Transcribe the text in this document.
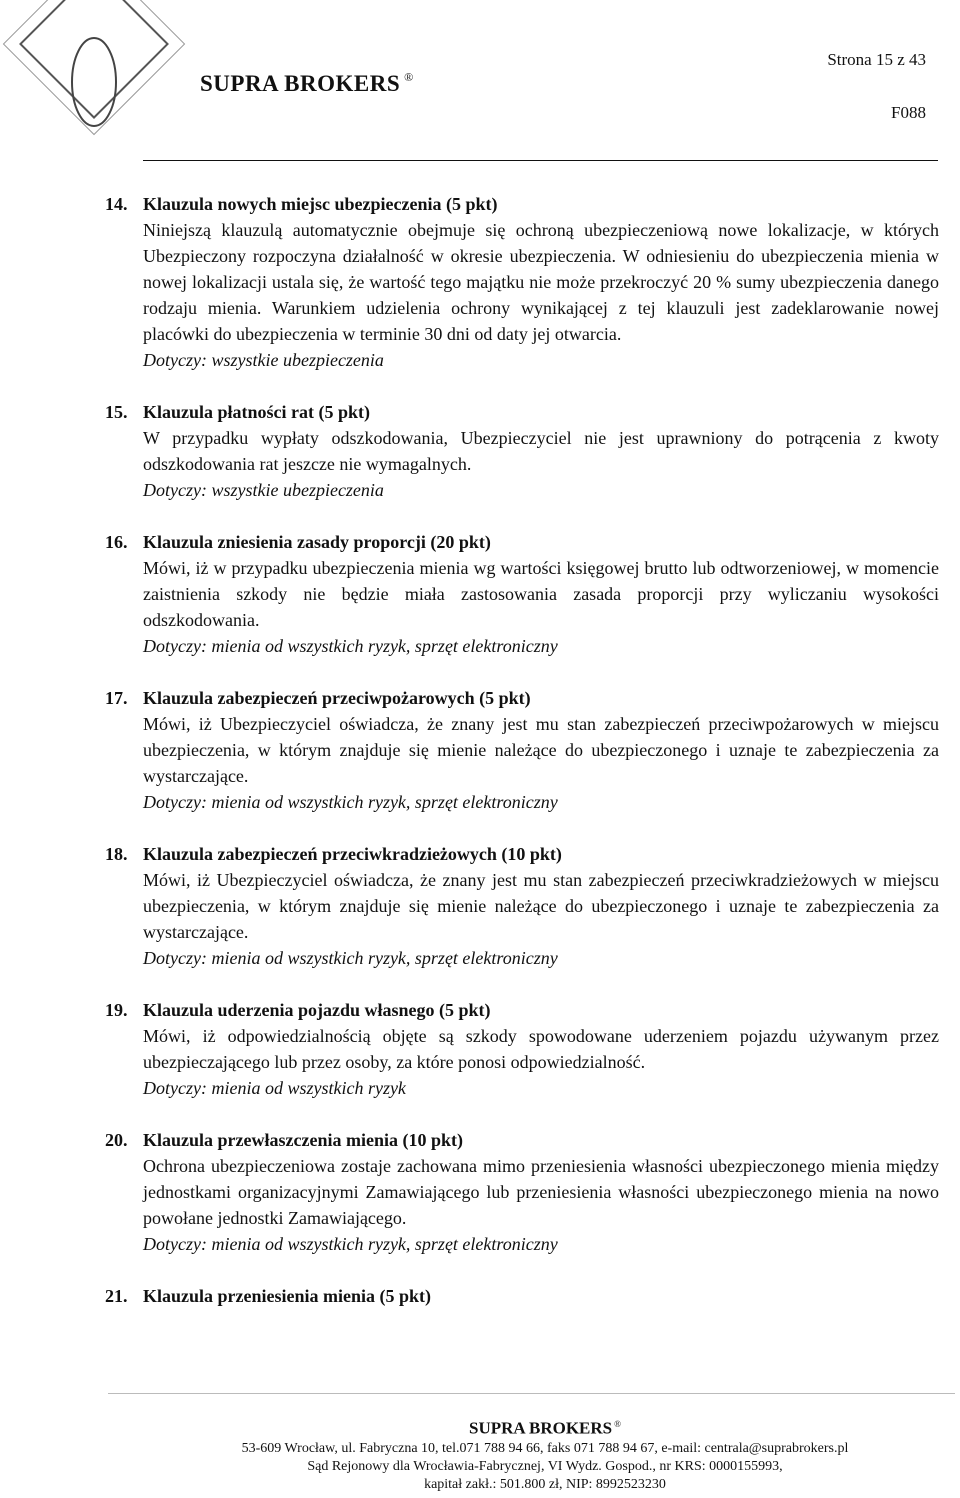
Strona 15 z 43
SUPRA BROKERS ®
F088
14. Klauzula nowych miejsc ubezpieczenia (5 pkt)

Niniejszą klauzulą automatycznie obejmuje się ochroną ubezpieczeniową nowe lokalizacje, w których Ubezpieczony rozpoczyna działalność w okresie ubezpieczenia. W odniesieniu do ubezpieczenia mienia w nowej lokalizacji ustala się, że wartość tego majątku nie może przekroczyć 20 % sumy ubezpieczenia danego rodzaju mienia. Warunkiem udzielenia ochrony wynikającej z tej klauzuli jest zadeklarowanie nowej placówki do ubezpieczenia w terminie 30 dni od daty jej otwarcia.

Dotyczy: wszystkie ubezpieczenia

15. Klauzula płatności rat (5 pkt)

W przypadku wypłaty odszkodowania, Ubezpieczyciel nie jest uprawniony do potrącenia z kwoty odszkodowania rat jeszcze nie wymagalnych.

Dotyczy: wszystkie ubezpieczenia

16. Klauzula zniesienia zasady proporcji (20 pkt)

Mówi, iż w przypadku ubezpieczenia mienia wg wartości księgowej brutto lub odtworzeniowej, w momencie zaistnienia szkody nie będzie miała zastosowania zasada proporcji przy wyliczaniu wysokości odszkodowania.

Dotyczy: mienia od wszystkich ryzyk, sprzęt elektroniczny

17. Klauzula zabezpieczeń przeciwpożarowych (5 pkt)

Mówi, iż Ubezpieczyciel oświadcza, że znany jest mu stan zabezpieczeń przeciwpożarowych w miejscu ubezpieczenia, w którym znajduje się mienie należące do ubezpieczonego i uznaje te zabezpieczenia za wystarczające.

Dotyczy: mienia od wszystkich ryzyk, sprzęt elektroniczny

18. Klauzula zabezpieczeń przeciwkradzieżowych (10 pkt)

Mówi, iż Ubezpieczyciel oświadcza, że znany jest mu stan zabezpieczeń przeciwkradzieżowych w miejscu ubezpieczenia, w którym znajduje się mienie należące do ubezpieczonego i uznaje te zabezpieczenia za wystarczające.

Dotyczy: mienia od wszystkich ryzyk, sprzęt elektroniczny

19. Klauzula uderzenia pojazdu własnego (5 pkt)

Mówi, iż odpowiedzialnością objęte są szkody spowodowane uderzeniem pojazdu używanym przez ubezpieczającego lub przez osoby, za które ponosi odpowiedzialność.

Dotyczy: mienia od wszystkich ryzyk

20. Klauzula przewłaszczenia mienia (10 pkt)

Ochrona ubezpieczeniowa zostaje zachowana mimo przeniesienia własności ubezpieczonego mienia między jednostkami organizacyjnymi Zamawiającego lub przeniesienia własności ubezpieczonego mienia na nowo powołane jednostki Zamawiającego.

Dotyczy: mienia od wszystkich ryzyk, sprzęt elektroniczny

21. Klauzula przeniesienia mienia (5 pkt)
SUPRA BROKERS ®
53-609 Wrocław, ul. Fabryczna 10, tel.071 788 94 66, faks 071 788 94 67, e-mail: centrala@suprabrokers.pl
Sąd Rejonowy dla Wrocławia-Fabrycznej, VI Wydz. Gospod., nr KRS: 0000155993,
kapitał zakł.: 501.800 zł, NIP: 8992523230
